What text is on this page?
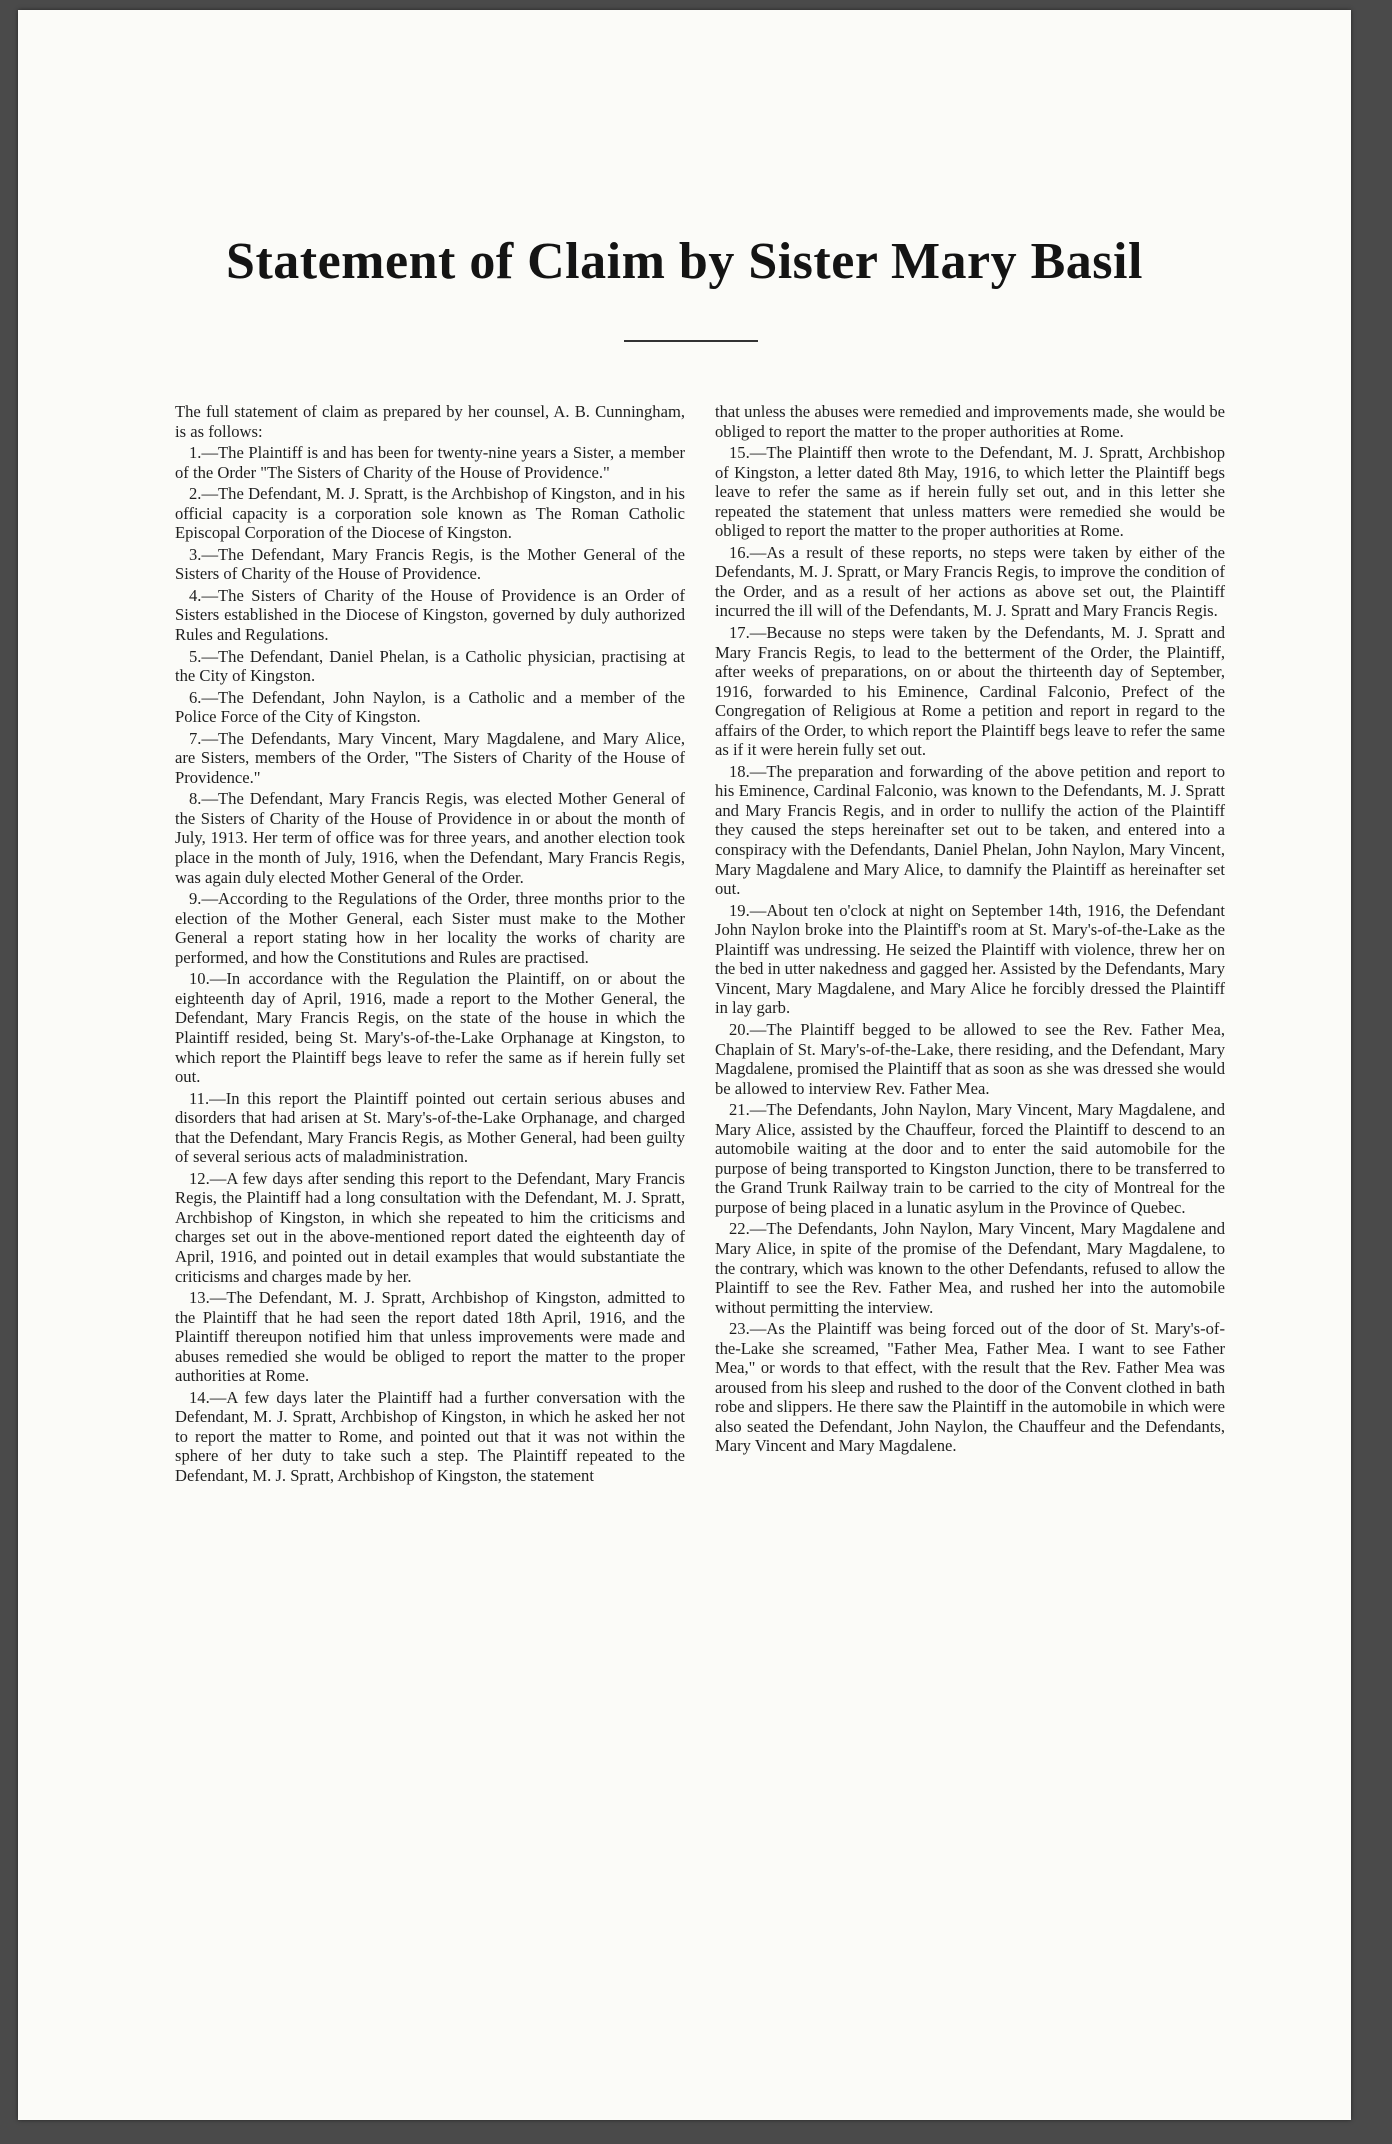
Statement of Claim by Sister Mary Basil

The full statement of claim as prepared by her counsel, A. B. Cunningham, is as follows:

1.—The Plaintiff is and has been for twenty-nine years a Sister, a member of the Order "The Sisters of Charity of the House of Providence."

2.—The Defendant, M. J. Spratt, is the Archbishop of Kingston, and in his official capacity is a corporation sole known as The Roman Catholic Episcopal Corporation of the Diocese of Kingston.

3.—The Defendant, Mary Francis Regis, is the Mother General of the Sisters of Charity of the House of Providence.

4.—The Sisters of Charity of the House of Providence is an Order of Sisters established in the Diocese of Kingston, governed by duly authorized Rules and Regulations.

5.—The Defendant, Daniel Phelan, is a Catholic physician, practising at the City of Kingston.

6.—The Defendant, John Naylon, is a Catholic and a member of the Police Force of the City of Kingston.

7.—The Defendants, Mary Vincent, Mary Magdalene, and Mary Alice, are Sisters, members of the Order, "The Sisters of Charity of the House of Providence."

8.—The Defendant, Mary Francis Regis, was elected Mother General of the Sisters of Charity of the House of Providence in or about the month of July, 1913. Her term of office was for three years, and another election took place in the month of July, 1916, when the Defendant, Mary Francis Regis, was again duly elected Mother General of the Order.

9.—According to the Regulations of the Order, three months prior to the election of the Mother General, each Sister must make to the Mother General a report stating how in her locality the works of charity are performed, and how the Constitutions and Rules are practised.

10.—In accordance with the Regulation the Plaintiff, on or about the eighteenth day of April, 1916, made a report to the Mother General, the Defendant, Mary Francis Regis, on the state of the house in which the Plaintiff resided, being St. Mary's-of-the-Lake Orphanage at Kingston, to which report the Plaintiff begs leave to refer the same as if herein fully set out.

11.—In this report the Plaintiff pointed out certain serious abuses and disorders that had arisen at St. Mary's-of-the-Lake Orphanage, and charged that the Defendant, Mary Francis Regis, as Mother General, had been guilty of several serious acts of maladministration.

12.—A few days after sending this report to the Defendant, Mary Francis Regis, the Plaintiff had a long consultation with the Defendant, M. J. Spratt, Archbishop of Kingston, in which she repeated to him the criticisms and charges set out in the above-mentioned report dated the eighteenth day of April, 1916, and pointed out in detail examples that would substantiate the criticisms and charges made by her.

13.—The Defendant, M. J. Spratt, Archbishop of Kingston, admitted to the Plaintiff that he had seen the report dated 18th April, 1916, and the Plaintiff thereupon notified him that unless improvements were made and abuses remedied she would be obliged to report the matter to the proper authorities at Rome.

14.—A few days later the Plaintiff had a further conversation with the Defendant, M. J. Spratt, Archbishop of Kingston, in which he asked her not to report the matter to Rome, and pointed out that it was not within the sphere of her duty to take such a step. The Plaintiff repeated to the Defendant, M. J. Spratt, Archbishop of Kingston, the statement

that unless the abuses were remedied and improvements made, she would be obliged to report the matter to the proper authorities at Rome.

15.—The Plaintiff then wrote to the Defendant, M. J. Spratt, Archbishop of Kingston, a letter dated 8th May, 1916, to which letter the Plaintiff begs leave to refer the same as if herein fully set out, and in this letter she repeated the statement that unless matters were remedied she would be obliged to report the matter to the proper authorities at Rome.

16.—As a result of these reports, no steps were taken by either of the Defendants, M. J. Spratt, or Mary Francis Regis, to improve the condition of the Order, and as a result of her actions as above set out, the Plaintiff incurred the ill will of the Defendants, M. J. Spratt and Mary Francis Regis.

17.—Because no steps were taken by the Defendants, M. J. Spratt and Mary Francis Regis, to lead to the betterment of the Order, the Plaintiff, after weeks of preparations, on or about the thirteenth day of September, 1916, forwarded to his Eminence, Cardinal Falconio, Prefect of the Congregation of Religious at Rome a petition and report in regard to the affairs of the Order, to which report the Plaintiff begs leave to refer the same as if it were herein fully set out.

18.—The preparation and forwarding of the above petition and report to his Eminence, Cardinal Falconio, was known to the Defendants, M. J. Spratt and Mary Francis Regis, and in order to nullify the action of the Plaintiff they caused the steps hereinafter set out to be taken, and entered into a conspiracy with the Defendants, Daniel Phelan, John Naylon, Mary Vincent, Mary Magdalene and Mary Alice, to damnify the Plaintiff as hereinafter set out.

19.—About ten o'clock at night on September 14th, 1916, the Defendant John Naylon broke into the Plaintiff's room at St. Mary's-of-the-Lake as the Plaintiff was undressing. He seized the Plaintiff with violence, threw her on the bed in utter nakedness and gagged her. Assisted by the Defendants, Mary Vincent, Mary Magdalene, and Mary Alice he forcibly dressed the Plaintiff in lay garb.

20.—The Plaintiff begged to be allowed to see the Rev. Father Mea, Chaplain of St. Mary's-of-the-Lake, there residing, and the Defendant, Mary Magdalene, promised the Plaintiff that as soon as she was dressed she would be allowed to interview Rev. Father Mea.

21.—The Defendants, John Naylon, Mary Vincent, Mary Magdalene, and Mary Alice, assisted by the Chauffeur, forced the Plaintiff to descend to an automobile waiting at the door and to enter the said automobile for the purpose of being transported to Kingston Junction, there to be transferred to the Grand Trunk Railway train to be carried to the city of Montreal for the purpose of being placed in a lunatic asylum in the Province of Quebec.

22.—The Defendants, John Naylon, Mary Vincent, Mary Magdalene and Mary Alice, in spite of the promise of the Defendant, Mary Magdalene, to the contrary, which was known to the other Defendants, refused to allow the Plaintiff to see the Rev. Father Mea, and rushed her into the automobile without permitting the interview.

23.—As the Plaintiff was being forced out of the door of St. Mary's-of-the-Lake she screamed, "Father Mea, Father Mea. I want to see Father Mea," or words to that effect, with the result that the Rev. Father Mea was aroused from his sleep and rushed to the door of the Convent clothed in bath robe and slippers. He there saw the Plaintiff in the automobile in which were also seated the Defendant, John Naylon, the Chauffeur and the Defendants, Mary Vincent and Mary Magdalene.
